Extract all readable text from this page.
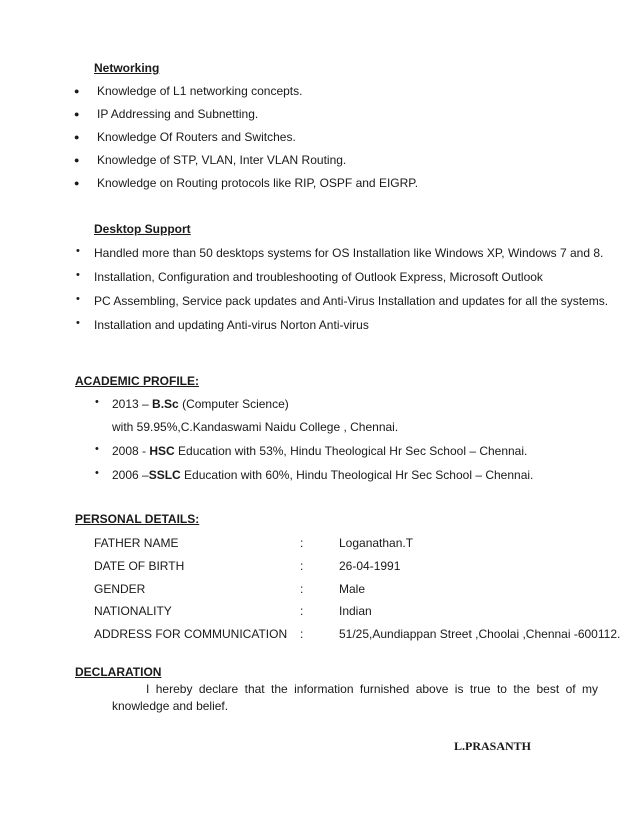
Networking
● Knowledge of L1 networking concepts.
● IP Addressing and Subnetting.
● Knowledge Of Routers and Switches.
● Knowledge of STP, VLAN, Inter VLAN Routing.
● Knowledge on Routing protocols like RIP, OSPF and EIGRP.
Desktop Support
• Handled more than 50 desktops systems for OS Installation like Windows XP, Windows 7 and 8.
• Installation, Configuration and troubleshooting of Outlook Express, Microsoft Outlook
• PC Assembling, Service pack updates and Anti-Virus Installation and updates for all the systems.
• Installation and updating Anti-virus Norton Anti-virus
ACADEMIC PROFILE:
• 2013 – B.Sc (Computer Science)
with 59.95%,C.Kandaswami Naidu College , Chennai.
• 2008 - HSC Education with 53%, Hindu Theological Hr Sec School – Chennai.
• 2006 –SSLC Education with 60%, Hindu Theological Hr Sec School – Chennai.
PERSONAL DETAILS:
FATHER NAME	:	Loganathan.T
DATE OF BIRTH	:	26-04-1991
GENDER	:	Male
NATIONALITY	:	Indian
ADDRESS FOR COMMUNICATION :	51/25,Aundiappan Street ,Choolai ,Chennai -600112.
DECLARATION
I hereby declare that the information furnished above is true to the best of my knowledge and belief.
L.PRASANTH
